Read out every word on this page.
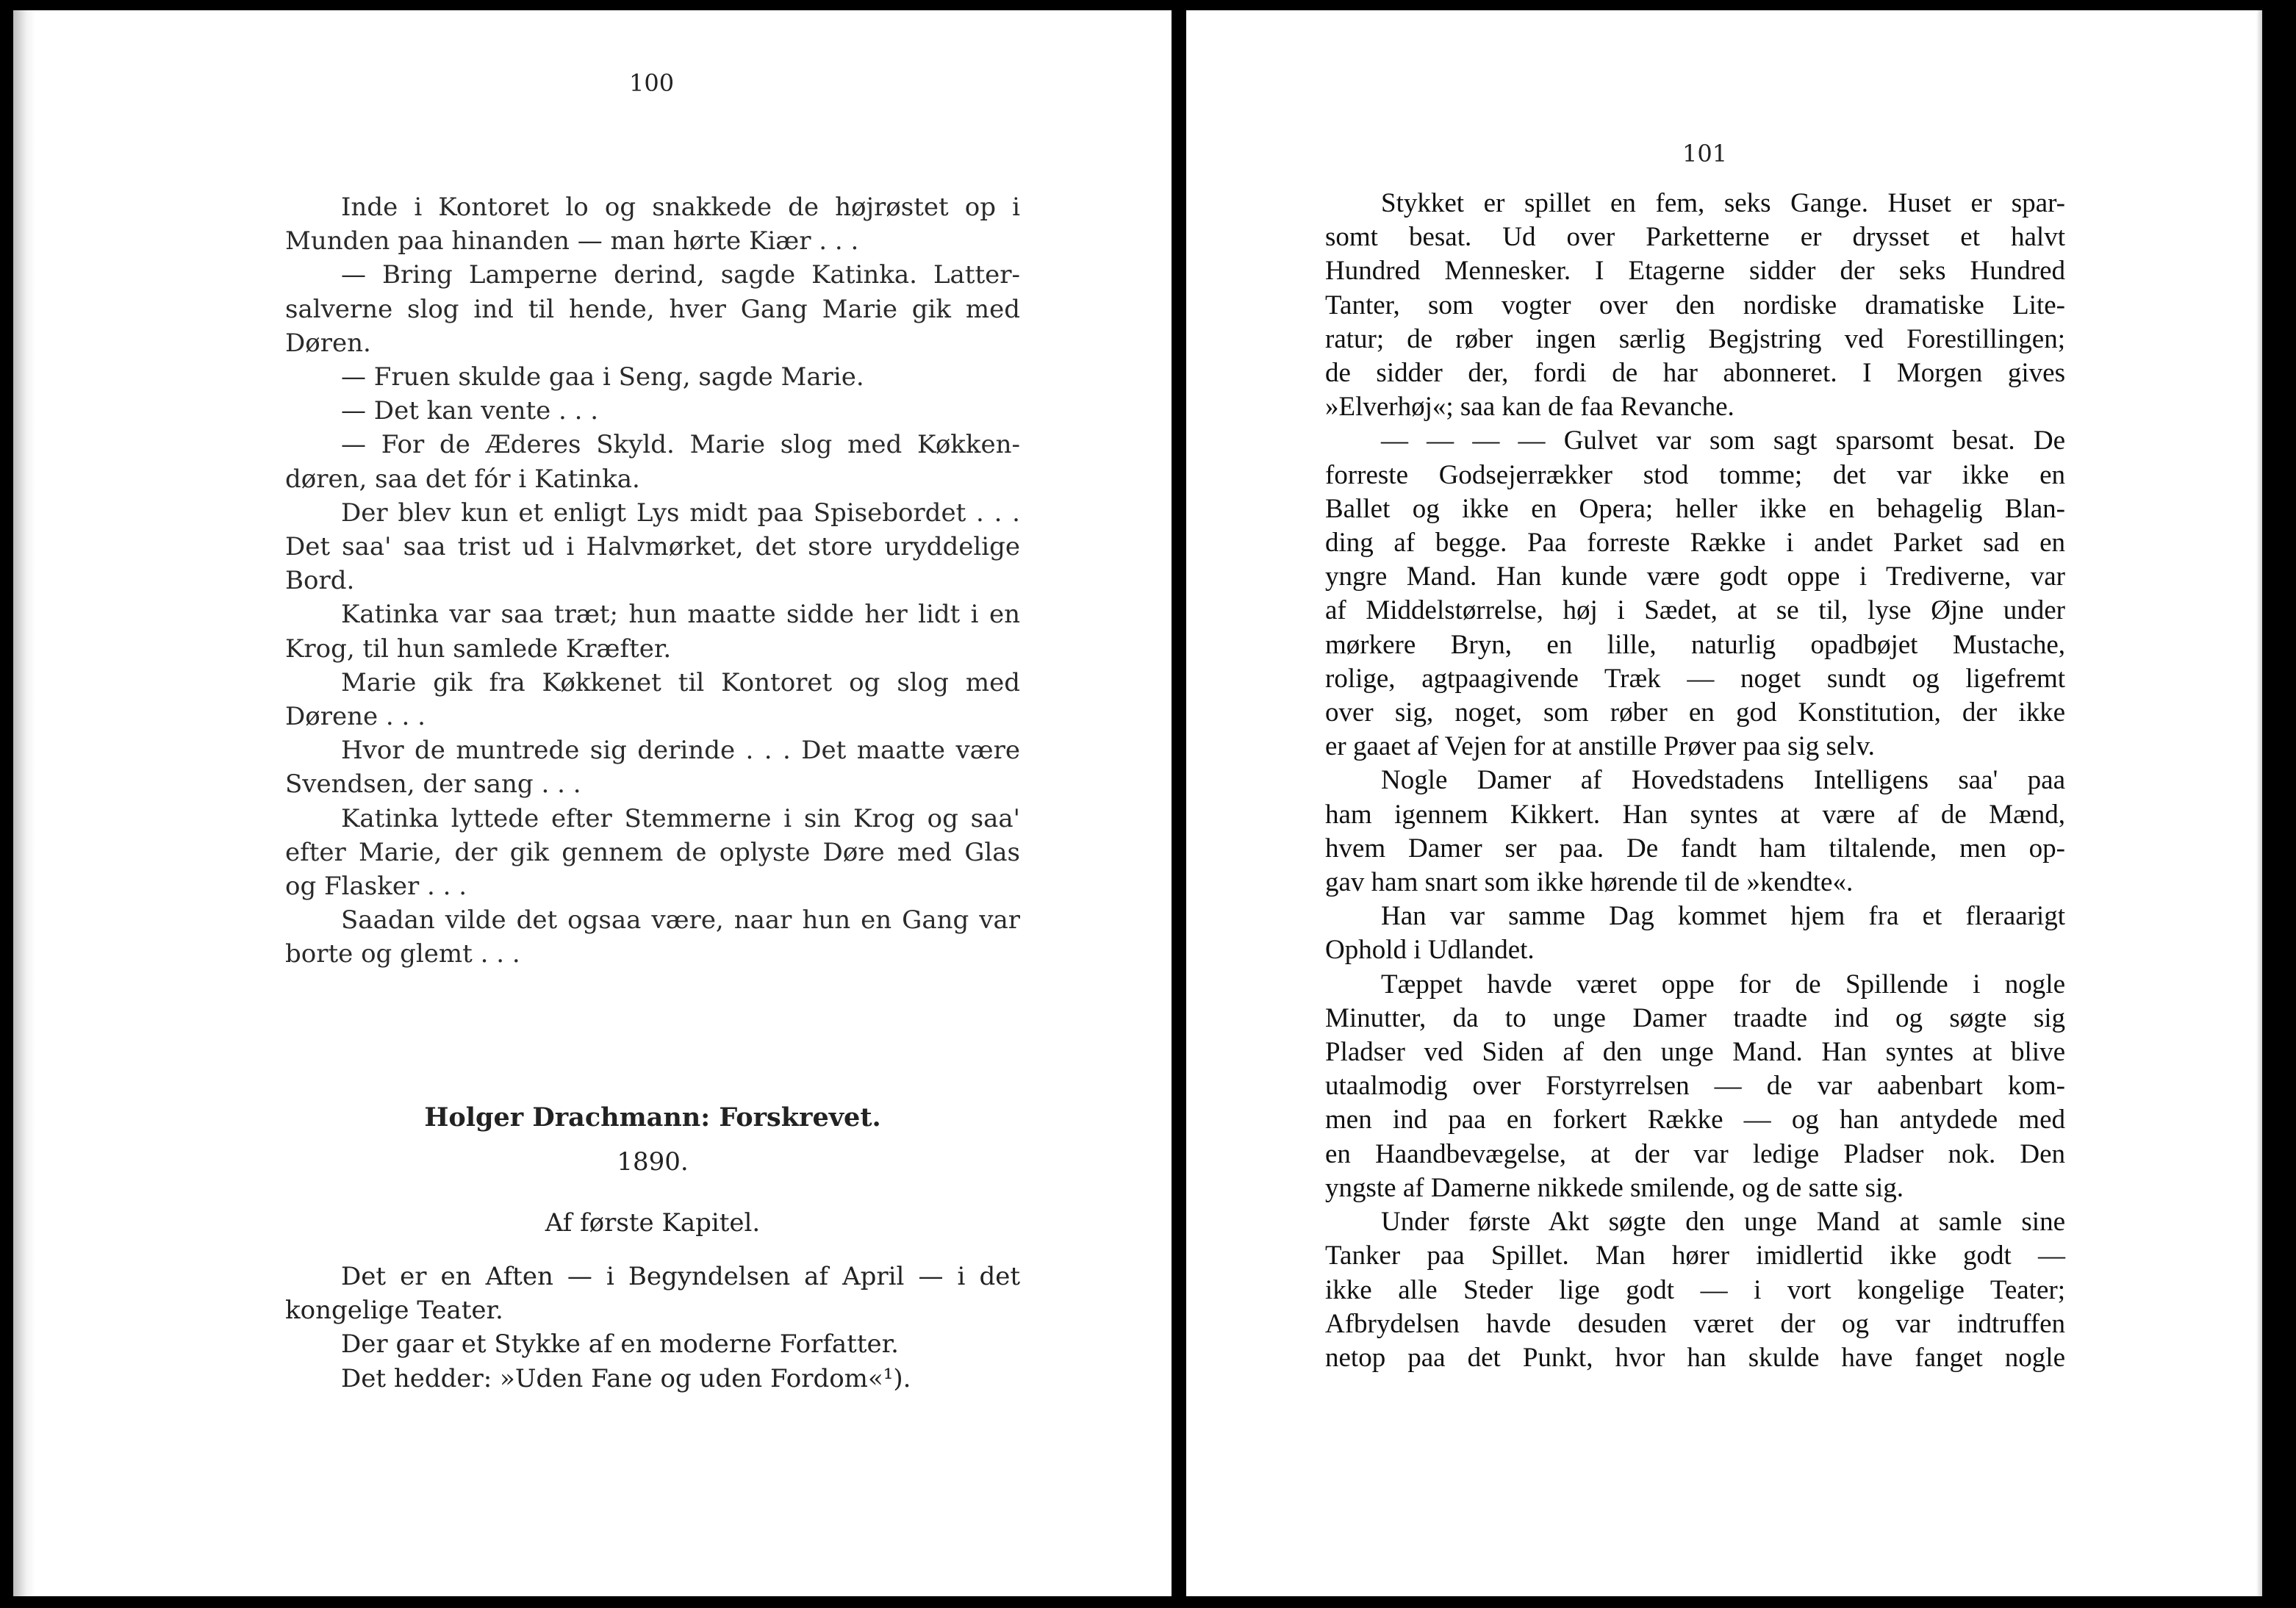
100
Inde i Kontoret lo og snakkede de højrøstet op i
Munden paa hinanden — man hørte Kiær . . .
— Bring Lamperne derind, sagde Katinka. Latter-
salverne slog ind til hende, hver Gang Marie gik med
Døren.
— Fruen skulde gaa i Seng, sagde Marie.
— Det kan vente . . .
— For de Æderes Skyld. Marie slog med Køkken-
døren, saa det fór i Katinka.
Der blev kun et enligt Lys midt paa Spisebordet . . .
Det saa' saa trist ud i Halvmørket, det store uryddelige
Bord.
Katinka var saa træt; hun maatte sidde her lidt i en
Krog, til hun samlede Kræfter.
Marie gik fra Køkkenet til Kontoret og slog med
Dørene . . .
Hvor de muntrede sig derinde . . . Det maatte være
Svendsen, der sang . . .
Katinka lyttede efter Stemmerne i sin Krog og saa'
efter Marie, der gik gennem de oplyste Døre med Glas
og Flasker . . .
Saadan vilde det ogsaa være, naar hun en Gang var
borte og glemt . . .
Holger Drachmann: Forskrevet.
1890.
Af første Kapitel.
Det er en Aften — i Begyndelsen af April — i det
kongelige Teater.
Der gaar et Stykke af en moderne Forfatter.
Det hedder: »Uden Fane og uden Fordom«¹).
101
Stykket er spillet en fem, seks Gange. Huset er spar-
somt besat. Ud over Parketterne er drysset et halvt
Hundred Mennesker. I Etagerne sidder der seks Hundred
Tanter, som vogter over den nordiske dramatiske Lite-
ratur; de røber ingen særlig Begjstring ved Forestillingen;
de sidder der, fordi de har abonneret. I Morgen gives
»Elverhøj«; saa kan de faa Revanche.
— — — — Gulvet var som sagt sparsomt besat. De
forreste Godsejerrækker stod tomme; det var ikke en
Ballet og ikke en Opera; heller ikke en behagelig Blan-
ding af begge. Paa forreste Række i andet Parket sad en
yngre Mand. Han kunde være godt oppe i Trediverne, var
af Middelstørrelse, høj i Sædet, at se til, lyse Øjne under
mørkere Bryn, en lille, naturlig opadbøjet Mustache,
rolige, agtpaagivende Træk — noget sundt og ligefremt
over sig, noget, som røber en god Konstitution, der ikke
er gaaet af Vejen for at anstille Prøver paa sig selv.
Nogle Damer af Hovedstadens Intelligens saa' paa
ham igennem Kikkert. Han syntes at være af de Mænd,
hvem Damer ser paa. De fandt ham tiltalende, men op-
gav ham snart som ikke hørende til de »kendte«.
Han var samme Dag kommet hjem fra et fleraarigt
Ophold i Udlandet.
Tæppet havde været oppe for de Spillende i nogle
Minutter, da to unge Damer traadte ind og søgte sig
Pladser ved Siden af den unge Mand. Han syntes at blive
utaalmodig over Forstyrrelsen — de var aabenbart kom-
men ind paa en forkert Række — og han antydede med
en Haandbevægelse, at der var ledige Pladser nok. Den
yngste af Damerne nikkede smilende, og de satte sig.
Under første Akt søgte den unge Mand at samle sine
Tanker paa Spillet. Man hører imidlertid ikke godt —
ikke alle Steder lige godt — i vort kongelige Teater;
Afbrydelsen havde desuden været der og var indtruffen
netop paa det Punkt, hvor han skulde have fanget nogle
